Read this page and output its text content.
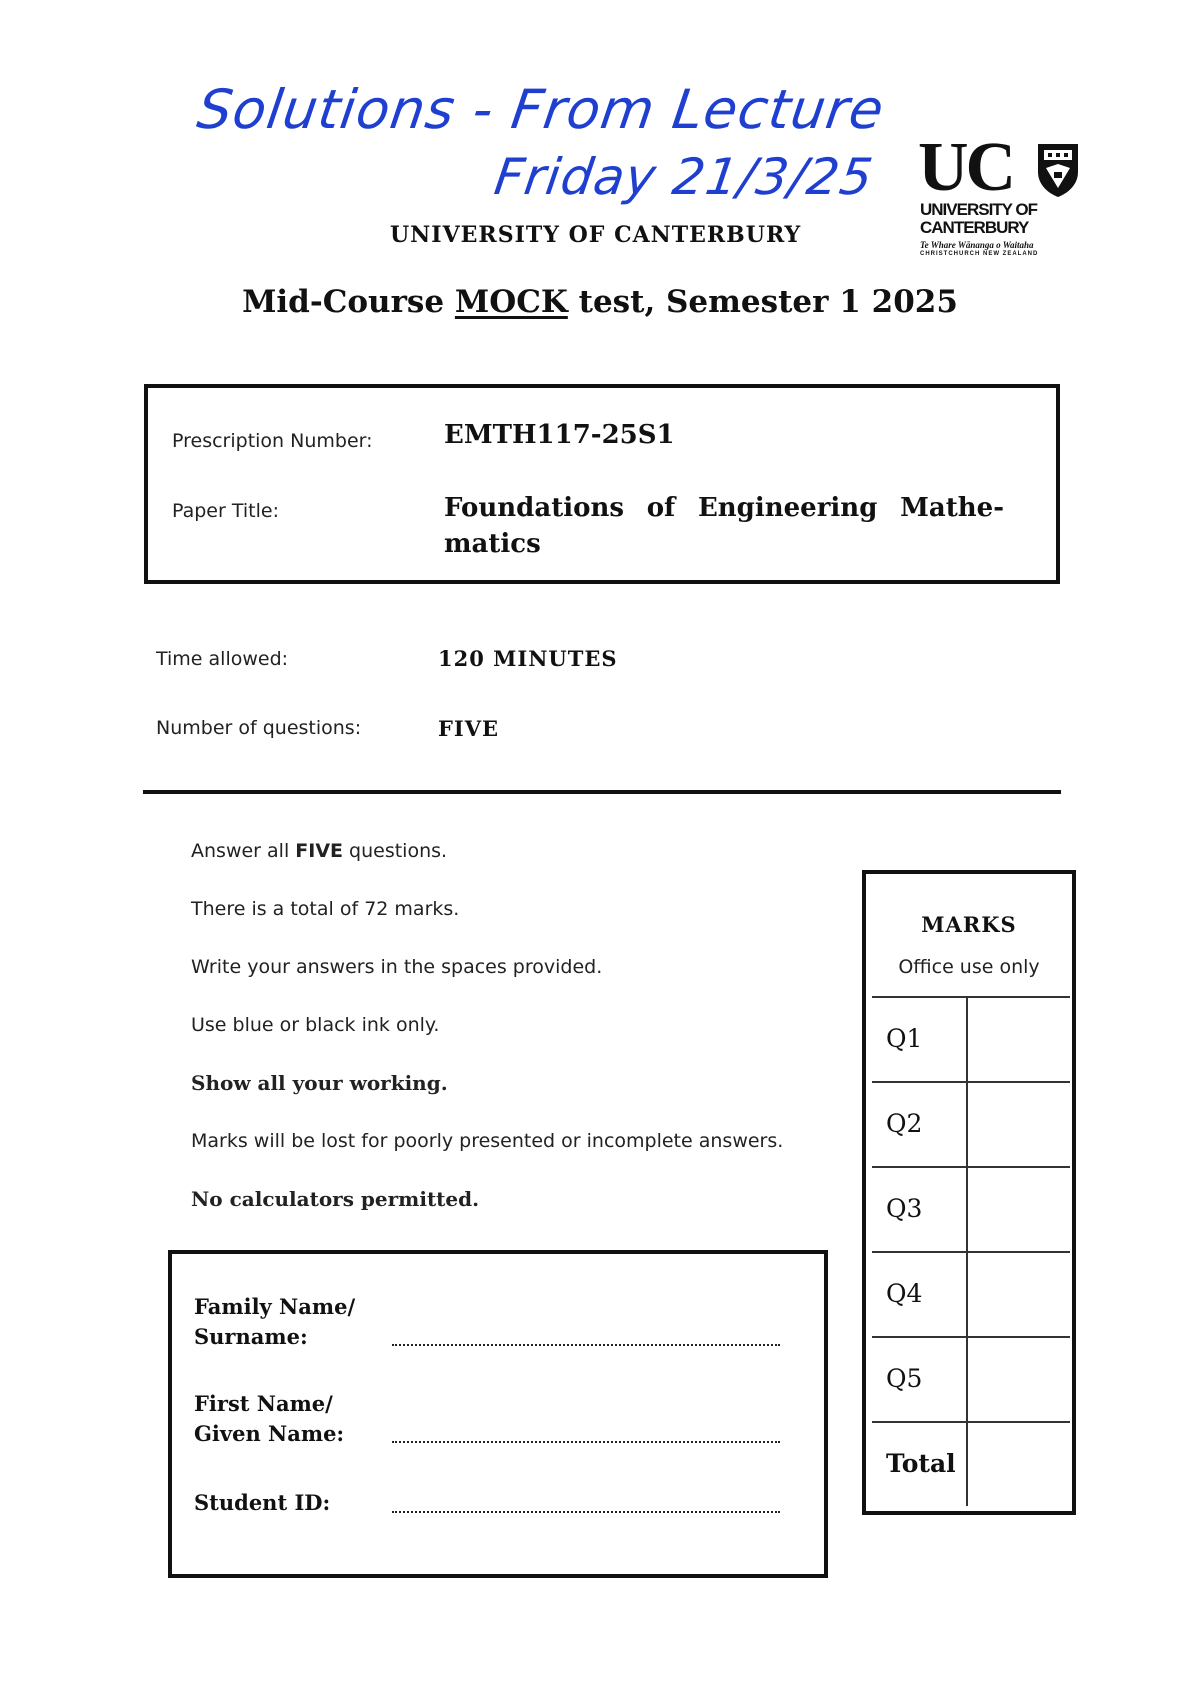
Solutions - From Lecture
Friday 21/3/25
UNIVERSITY OF CANTERBURY
UC
UNIVERSITY OF
CANTERBURY
Te Whare Wānanga o Waitaha
CHRISTCHURCH NEW ZEALAND
Mid-Course MOCK test, Semester 1 2025
Prescription Number:	EMTH117-25S1
Paper Title:	Foundations of Engineering Mathe-
matics
Time allowed:	120 MINUTES
Number of questions:	FIVE
Answer all FIVE questions.
There is a total of 72 marks.
Write your answers in the spaces provided.
Use blue or black ink only.
Show all your working.
Marks will be lost for poorly presented or incomplete answers.
No calculators permitted.
MARKS
Office use only
Q1
Q2
Q3
Q4
Q5
Total
Family Name/
Surname:
First Name/
Given Name:
Student ID:
